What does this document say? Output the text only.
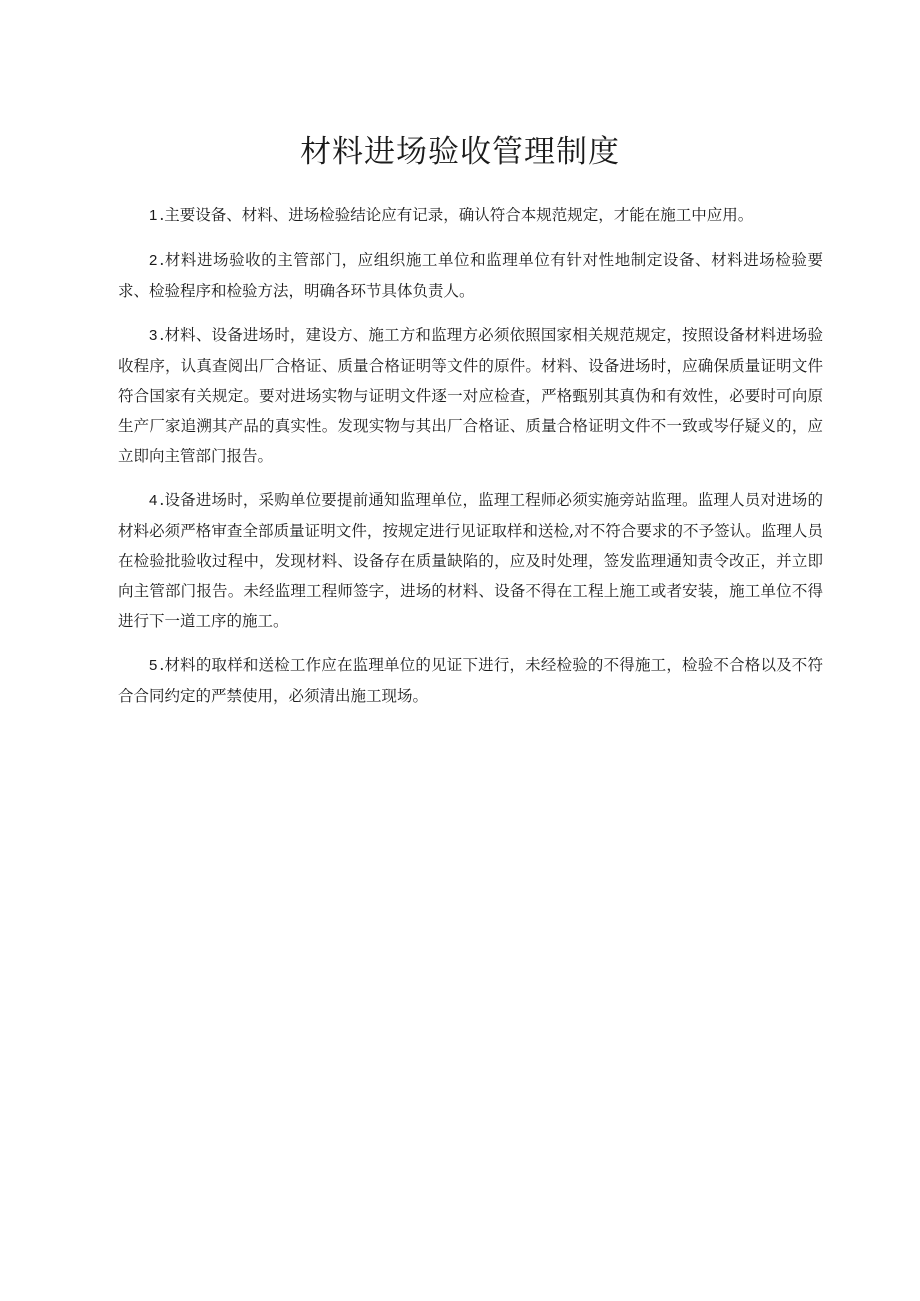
材料进场验收管理制度

1 .主要设备、材料、进场检验结论应有记录，确认符合本规范规定，才能在施工中应用。

2 .材料进场验收的主管部门，应组织施工单位和监理单位有针对性地制定设备、材料进场检验要求、检验程序和检验方法，明确各环节具体负责人。

3 .材料、设备进场时，建设方、施工方和监理方必须依照国家相关规范规定，按照设备材料进场验收程序，认真查阅出厂合格证、质量合格证明等文件的原件。材料、设备进场时，应确保质量证明文件符合国家有关规定。要对进场实物与证明文件逐一对应检查，严格甄别其真伪和有效性，必要时可向原生产厂家追溯其产品的真实性。发现实物与其出厂合格证、质量合格证明文件不一致或岑仔疑义的，应立即向主管部门报告。

4 .设备进场时，采购单位要提前通知监理单位，监理工程师必须实施旁站监理。监理人员对进场的材料必须严格审查全部质量证明文件，按规定进行见证取样和送检,对不符合要求的不予签认。监理人员在检验批验收过程中，发现材料、设备存在质量缺陷的，应及时处理，签发监理通知责令改正，并立即向主管部门报告。未经监理工程师签字，进场的材料、设备不得在工程上施工或者安装，施工单位不得进行下一道工序的施工。

5 .材料的取样和送检工作应在监理单位的见证下进行，未经检验的不得施工，检验不合格以及不符合合同约定的严禁使用，必须清出施工现场。
